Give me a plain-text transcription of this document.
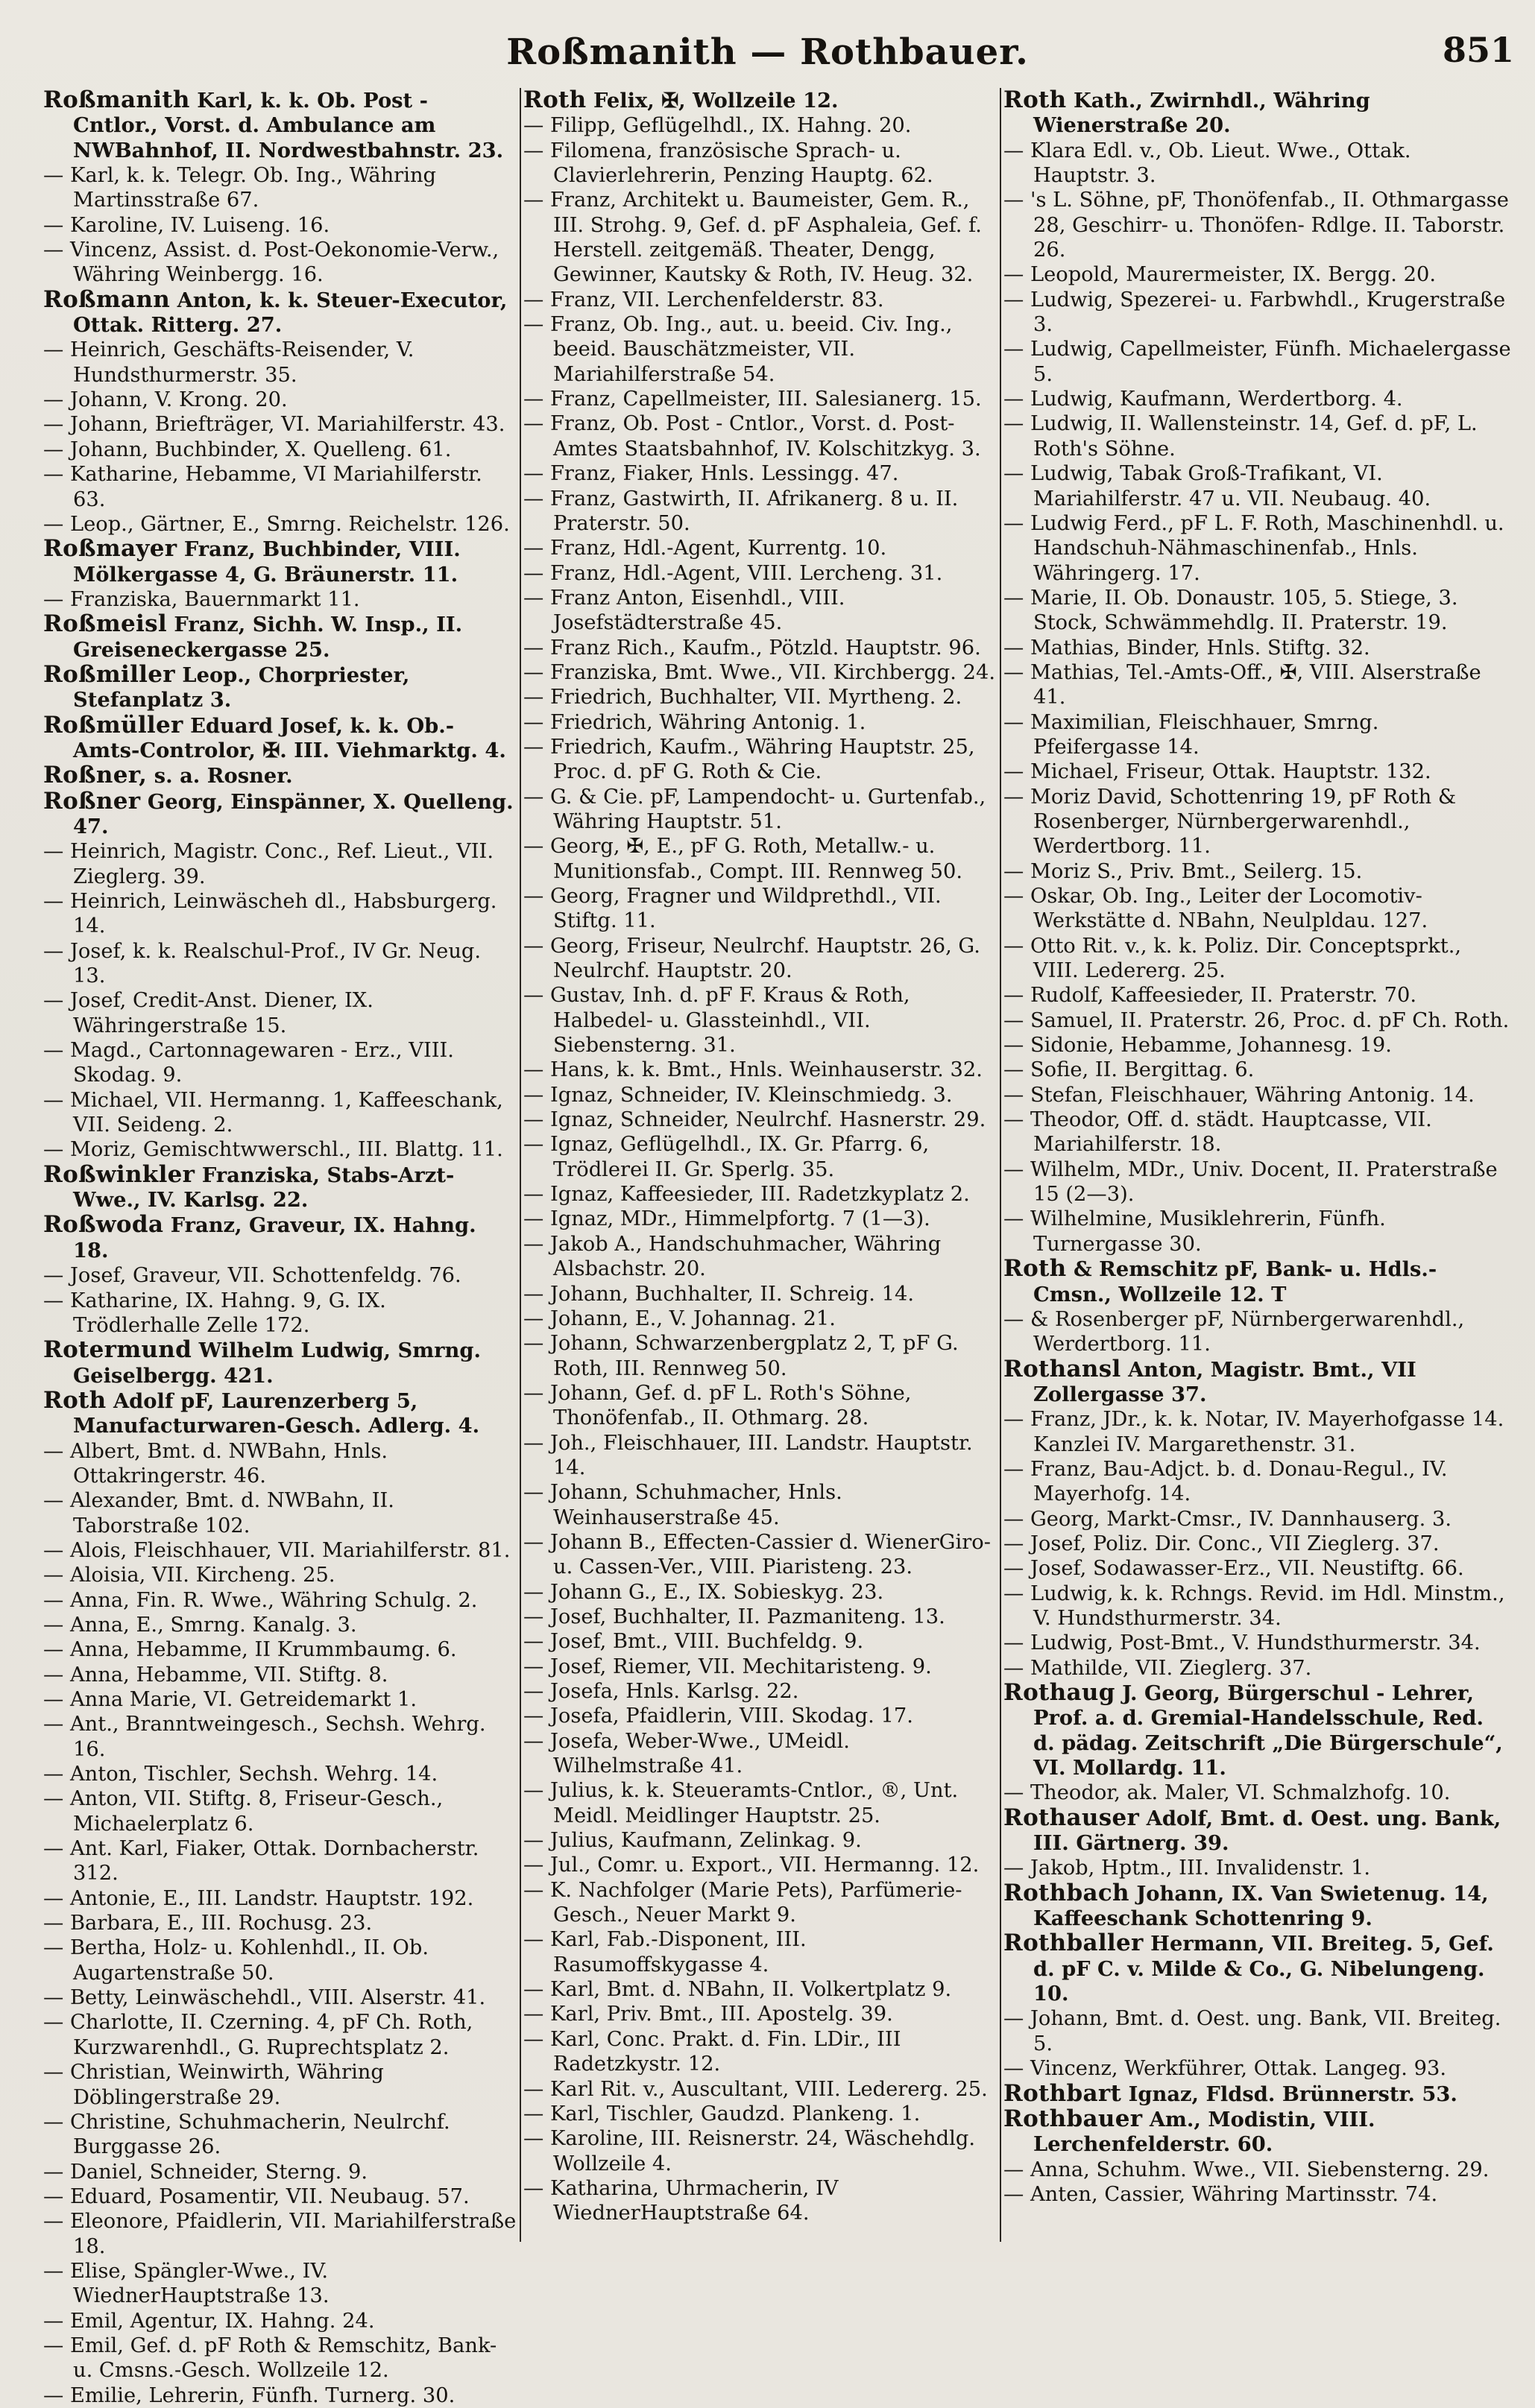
Roßmanith — Rothbauer.	851
Roßmanith Karl, k. k. Ob. Post - Cntlor., Vorst. d. Ambulance am NWBahnhof, II. Nordwestbahnstr. 23.
— Karl, k. k. Telegr. Ob. Ing., Währing Martinsstraße 67.
— Karoline, IV. Luiseng. 16.
— Vincenz, Assist. d. Post-Oekonomie-Verw., Währing Weinbergg. 16.
Roßmann Anton, k. k. Steuer-Executor, Ottak. Ritterg. 27.
— Heinrich, Geschäfts-Reisender, V. Hundsthurmerstr. 35.
— Johann, V. Krong. 20.
— Johann, Briefträger, VI. Mariahilferstr. 43.
— Johann, Buchbinder, X. Quelleng. 61.
— Katharine, Hebamme, VI Mariahilferstr. 63.
— Leop., Gärtner, E., Smrng. Reichelstr. 126.
Roßmayer Franz, Buchbinder, VIII. Mölkergasse 4, G. Bräunerstr. 11.
— Franziska, Bauernmarkt 11.
Roßmeisl Franz, Sichh. W. Insp., II. Greiseneckergasse 25.
Roßmiller Leop., Chorpriester, Stefanplatz 3.
Roßmüller Eduard Josef, k. k. Ob.-Amts-Controlor, ✠. III. Viehmarktg. 4.
Roßner, s. a. Rosner.
Roßner Georg, Einspänner, X. Quelleng. 47.
— Heinrich, Magistr. Conc., Ref. Lieut., VII. Zieglerg. 39.
— Heinrich, Leinwäscheh dl., Habsburgerg. 14.
— Josef, k. k. Realschul-Prof., IV Gr. Neug. 13.
— Josef, Credit-Anst. Diener, IX. Währingerstraße 15.
— Magd., Cartonnagewaren - Erz., VIII. Skodag. 9.
— Michael, VII. Hermanng. 1, Kaffeeschank, VII. Seideng. 2.
— Moriz, Gemischtwwerschl., III. Blattg. 11.
Roßwinkler Franziska, Stabs-Arzt-Wwe., IV. Karlsg. 22.
Roßwoda Franz, Graveur, IX. Hahng. 18.
— Josef, Graveur, VII. Schottenfeldg. 76.
— Katharine, IX. Hahng. 9, G. IX. Trödlerhalle Zelle 172.
Rotermund Wilhelm Ludwig, Smrng. Geiselbergg. 421.
Roth Adolf pF, Laurenzerberg 5, Manufacturwaren-Gesch. Adlerg. 4.
— Albert, Bmt. d. NWBahn, Hnls. Ottakringerstr. 46.
— Alexander, Bmt. d. NWBahn, II. Taborstraße 102.
— Alois, Fleischhauer, VII. Mariahilferstr. 81.
— Aloisia, VII. Kircheng. 25.
— Anna, Fin. R. Wwe., Währing Schulg. 2.
— Anna, E., Smrng. Kanalg. 3.
— Anna, Hebamme, II Krummbaumg. 6.
— Anna, Hebamme, VII. Stiftg. 8.
— Anna Marie, VI. Getreidemarkt 1.
— Ant., Branntweingesch., Sechsh. Wehrg. 16.
— Anton, Tischler, Sechsh. Wehrg. 14.
— Anton, VII. Stiftg. 8, Friseur-Gesch., Michaelerplatz 6.
— Ant. Karl, Fiaker, Ottak. Dornbacherstr. 312.
— Antonie, E., III. Landstr. Hauptstr. 192.
— Barbara, E., III. Rochusg. 23.
— Bertha, Holz- u. Kohlenhdl., II. Ob. Augartenstraße 50.
— Betty, Leinwäschehdl., VIII. Alserstr. 41.
— Charlotte, II. Czerning. 4, pF Ch. Roth, Kurzwarenhdl., G. Ruprechtsplatz 2.
— Christian, Weinwirth, Währing Döblingerstraße 29.
— Christine, Schuhmacherin, Neulrchf. Burggasse 26.
— Daniel, Schneider, Sterng. 9.
— Eduard, Posamentir, VII. Neubaug. 57.
— Eleonore, Pfaidlerin, VII. Mariahilferstraße 18.
— Elise, Spängler-Wwe., IV. WiednerHauptstraße 13.
— Emil, Agentur, IX. Hahng. 24.
— Emil, Gef. d. pF Roth & Remschitz, Bank- u. Cmsns.-Gesch. Wollzeile 12.
— Emilie, Lehrerin, Fünfh. Turnerg. 30.
Roth Felix, ✠, Wollzeile 12.
— Filipp, Geflügelhdl., IX. Hahng. 20.
— Filomena, französische Sprach- u. Clavierlehrerin, Penzing Hauptg. 62.
— Franz, Architekt u. Baumeister, Gem. R., III. Strohg. 9, Gef. d. pF Asphaleia, Gef. f. Herstell. zeitgemäß. Theater, Dengg, Gewinner, Kautsky & Roth, IV. Heug. 32.
— Franz, VII. Lerchenfelderstr. 83.
— Franz, Ob. Ing., aut. u. beeid. Civ. Ing., beeid. Bauschätzmeister, VII. Mariahilferstraße 54.
— Franz, Capellmeister, III. Salesianerg. 15.
— Franz, Ob. Post - Cntlor., Vorst. d. Post-Amtes Staatsbahnhof, IV. Kolschitzkyg. 3.
— Franz, Fiaker, Hnls. Lessingg. 47.
— Franz, Gastwirth, II. Afrikanerg. 8 u. II. Praterstr. 50.
— Franz, Hdl.-Agent, Kurrentg. 10.
— Franz, Hdl.-Agent, VIII. Lercheng. 31.
— Franz Anton, Eisenhdl., VIII. Josefstädterstraße 45.
— Franz Rich., Kaufm., Pötzld. Hauptstr. 96.
— Franziska, Bmt. Wwe., VII. Kirchbergg. 24.
— Friedrich, Buchhalter, VII. Myrtheng. 2.
— Friedrich, Währing Antonig. 1.
— Friedrich, Kaufm., Währing Hauptstr. 25, Proc. d. pF G. Roth & Cie.
— G. & Cie. pF, Lampendocht- u. Gurtenfab., Währing Hauptstr. 51.
— Georg, ✠, E., pF G. Roth, Metallw.- u. Munitionsfab., Compt. III. Rennweg 50.
— Georg, Fragner und Wildprethdl., VII. Stiftg. 11.
— Georg, Friseur, Neulrchf. Hauptstr. 26, G. Neulrchf. Hauptstr. 20.
— Gustav, Inh. d. pF F. Kraus & Roth, Halbedel- u. Glassteinhdl., VII. Siebensterng. 31.
— Hans, k. k. Bmt., Hnls. Weinhauserstr. 32.
— Ignaz, Schneider, IV. Kleinschmiedg. 3.
— Ignaz, Schneider, Neulrchf. Hasnerstr. 29.
— Ignaz, Geflügelhdl., IX. Gr. Pfarrg. 6, Trödlerei II. Gr. Sperlg. 35.
— Ignaz, Kaffeesieder, III. Radetzkyplatz 2.
— Ignaz, MDr., Himmelpfortg. 7 (1—3).
— Jakob A., Handschuhmacher, Währing Alsbachstr. 20.
— Johann, Buchhalter, II. Schreig. 14.
— Johann, E., V. Johannag. 21.
— Johann, Schwarzenbergplatz 2, T, pF G. Roth, III. Rennweg 50.
— Johann, Gef. d. pF L. Roth's Söhne, Thonöfenfab., II. Othmarg. 28.
— Joh., Fleischhauer, III. Landstr. Hauptstr. 14.
— Johann, Schuhmacher, Hnls. Weinhauserstraße 45.
— Johann B., Effecten-Cassier d. WienerGiro- u. Cassen-Ver., VIII. Piaristeng. 23.
— Johann G., E., IX. Sobieskyg. 23.
— Josef, Buchhalter, II. Pazmaniteng. 13.
— Josef, Bmt., VIII. Buchfeldg. 9.
— Josef, Riemer, VII. Mechitaristeng. 9.
— Josefa, Hnls. Karlsg. 22.
— Josefa, Pfaidlerin, VIII. Skodag. 17.
— Josefa, Weber-Wwe., UMeidl. Wilhelmstraße 41.
— Julius, k. k. Steueramts-Cntlor., ®, Unt. Meidl. Meidlinger Hauptstr. 25.
— Julius, Kaufmann, Zelinkag. 9.
— Jul., Comr. u. Export., VII. Hermanng. 12.
— K. Nachfolger (Marie Pets), Parfümerie-Gesch., Neuer Markt 9.
— Karl, Fab.-Disponent, III. Rasumoffskygasse 4.
— Karl, Bmt. d. NBahn, II. Volkertplatz 9.
— Karl, Priv. Bmt., III. Apostelg. 39.
— Karl, Conc. Prakt. d. Fin. LDir., III Radetzkystr. 12.
— Karl Rit. v., Auscultant, VIII. Ledererg. 25.
— Karl, Tischler, Gaudzd. Plankeng. 1.
— Karoline, III. Reisnerstr. 24, Wäschehdlg. Wollzeile 4.
— Katharina, Uhrmacherin, IV WiednerHauptstraße 64.
Roth Kath., Zwirnhdl., Währing Wienerstraße 20.
— Klara Edl. v., Ob. Lieut. Wwe., Ottak. Hauptstr. 3.
— 's L. Söhne, pF, Thonöfenfab., II. Othmargasse 28, Geschirr- u. Thonöfen- Rdlge. II. Taborstr. 26.
— Leopold, Maurermeister, IX. Bergg. 20.
— Ludwig, Spezerei- u. Farbwhdl., Krugerstraße 3.
— Ludwig, Capellmeister, Fünfh. Michaelergasse 5.
— Ludwig, Kaufmann, Werdertborg. 4.
— Ludwig, II. Wallensteinstr. 14, Gef. d. pF, L. Roth's Söhne.
— Ludwig, Tabak Groß-Trafikant, VI. Mariahilferstr. 47 u. VII. Neubaug. 40.
— Ludwig Ferd., pF L. F. Roth, Maschinenhdl. u. Handschuh-Nähmaschinenfab., Hnls. Währingerg. 17.
— Marie, II. Ob. Donaustr. 105, 5. Stiege, 3. Stock, Schwämmehdlg. II. Praterstr. 19.
— Mathias, Binder, Hnls. Stiftg. 32.
— Mathias, Tel.-Amts-Off., ✠, VIII. Alserstraße 41.
— Maximilian, Fleischhauer, Smrng. Pfeifergasse 14.
— Michael, Friseur, Ottak. Hauptstr. 132.
— Moriz David, Schottenring 19, pF Roth & Rosenberger, Nürnbergerwarenhdl., Werdertborg. 11.
— Moriz S., Priv. Bmt., Seilerg. 15.
— Oskar, Ob. Ing., Leiter der Locomotiv-Werkstätte d. NBahn, Neulpldau. 127.
— Otto Rit. v., k. k. Poliz. Dir. Conceptsprkt., VIII. Ledererg. 25.
— Rudolf, Kaffeesieder, II. Praterstr. 70.
— Samuel, II. Praterstr. 26, Proc. d. pF Ch. Roth.
— Sidonie, Hebamme, Johannesg. 19.
— Sofie, II. Bergittag. 6.
— Stefan, Fleischhauer, Währing Antonig. 14.
— Theodor, Off. d. städt. Hauptcasse, VII. Mariahilferstr. 18.
— Wilhelm, MDr., Univ. Docent, II. Praterstraße 15 (2—3).
— Wilhelmine, Musiklehrerin, Fünfh. Turnergasse 30.
Roth & Remschitz pF, Bank- u. Hdls.-Cmsn., Wollzeile 12. T
— & Rosenberger pF, Nürnbergerwarenhdl., Werdertborg. 11.
Rothansl Anton, Magistr. Bmt., VII Zollergasse 37.
— Franz, JDr., k. k. Notar, IV. Mayerhofgasse 14. Kanzlei IV. Margarethenstr. 31.
— Franz, Bau-Adjct. b. d. Donau-Regul., IV. Mayerhofg. 14.
— Georg, Markt-Cmsr., IV. Dannhauserg. 3.
— Josef, Poliz. Dir. Conc., VII Zieglerg. 37.
— Josef, Sodawasser-Erz., VII. Neustiftg. 66.
— Ludwig, k. k. Rchngs. Revid. im Hdl. Minstm., V. Hundsthurmerstr. 34.
— Ludwig, Post-Bmt., V. Hundsthurmerstr. 34.
— Mathilde, VII. Zieglerg. 37.
Rothaug J. Georg, Bürgerschul - Lehrer, Prof. a. d. Gremial-Handelsschule, Red. d. pädag. Zeitschrift „Die Bürgerschule“, VI. Mollardg. 11.
— Theodor, ak. Maler, VI. Schmalzhofg. 10.
Rothauser Adolf, Bmt. d. Oest. ung. Bank, III. Gärtnerg. 39.
— Jakob, Hptm., III. Invalidenstr. 1.
Rothbach Johann, IX. Van Swietenug. 14, Kaffeeschank Schottenring 9.
Rothballer Hermann, VII. Breiteg. 5, Gef. d. pF C. v. Milde & Co., G. Nibelungeng. 10.
— Johann, Bmt. d. Oest. ung. Bank, VII. Breiteg. 5.
— Vincenz, Werkführer, Ottak. Langeg. 93.
Rothbart Ignaz, Fldsd. Brünnerstr. 53.
Rothbauer Am., Modistin, VIII. Lerchenfelderstr. 60.
— Anna, Schuhm. Wwe., VII. Siebensterng. 29.
— Anten, Cassier, Währing Martinsstr. 74.
